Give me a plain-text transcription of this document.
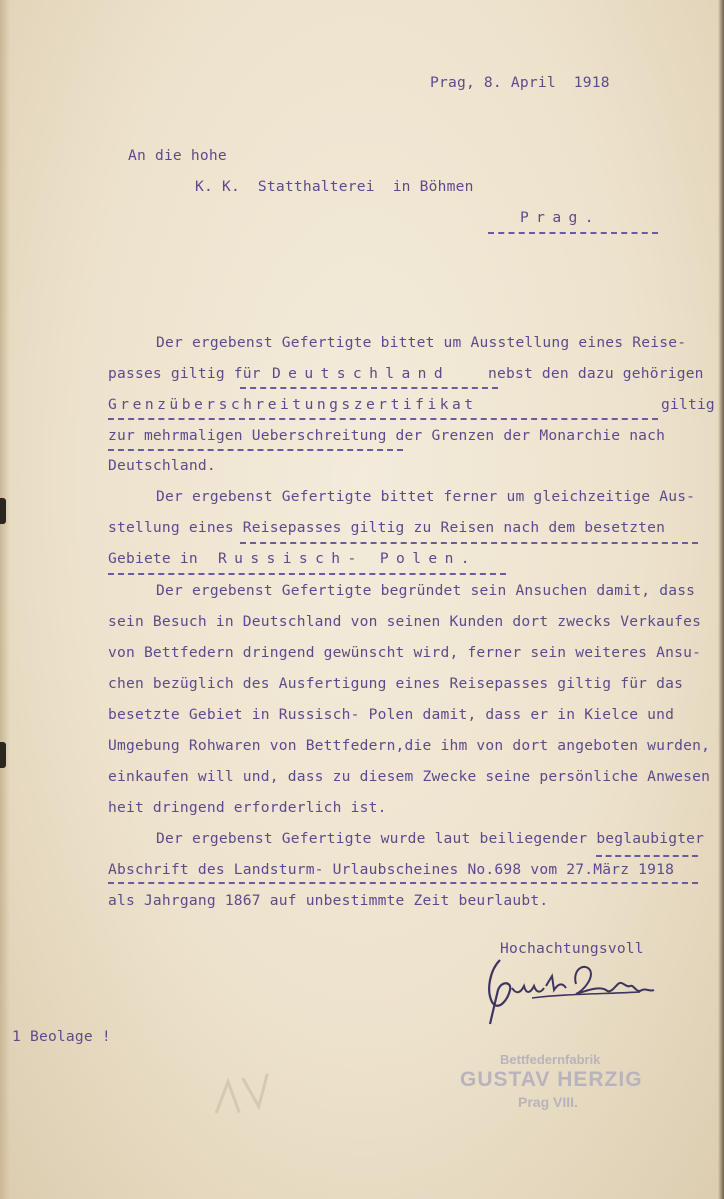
Prag, 8. April  1918
An die hohe
K. K.  Statthalterei  in Böhmen
Prag.
Der ergebenst Gefertigte bittet um Ausstellung eines Reise-
passes giltig für Deutschland	nebst den dazu gehörigen
Grenzüberschreitungszertifikat	giltig
zur mehrmaligen Ueberschreitung der Grenzen der Monarchie nach
Deutschland.
Der ergebenst Gefertigte bittet ferner um gleichzeitige Aus-
stellung eines Reisepasses giltig zu Reisen nach dem besetzten
Gebiete in Russisch- Polen.
Der ergebenst Gefertigte begründet sein Ansuchen damit, dass
sein Besuch in Deutschland von seinen Kunden dort zwecks Verkaufes
von Bettfedern dringend gewünscht wird, ferner sein weiteres Ansu-
chen bezüglich des Ausfertigung eines Reisepasses giltig für das
besetzte Gebiet in Russisch- Polen damit, dass er in Kielce und
Umgebung Rohwaren von Bettfedern,die ihm von dort angeboten wurden,
einkaufen will und, dass zu diesem Zwecke seine persönliche Anwesen
heit dringend erforderlich ist.
Der ergebenst Gefertigte wurde laut beiliegender beglaubigter
Abschrift des Landsturm- Urlaubscheines No.698 vom 27.März 1918
als Jahrgang 1867 auf unbestimmte Zeit beurlaubt.
Hochachtungsvoll
1 Beolage !
Bettfedernfabrik
GUSTAV HERZIG
Prag VIII.
